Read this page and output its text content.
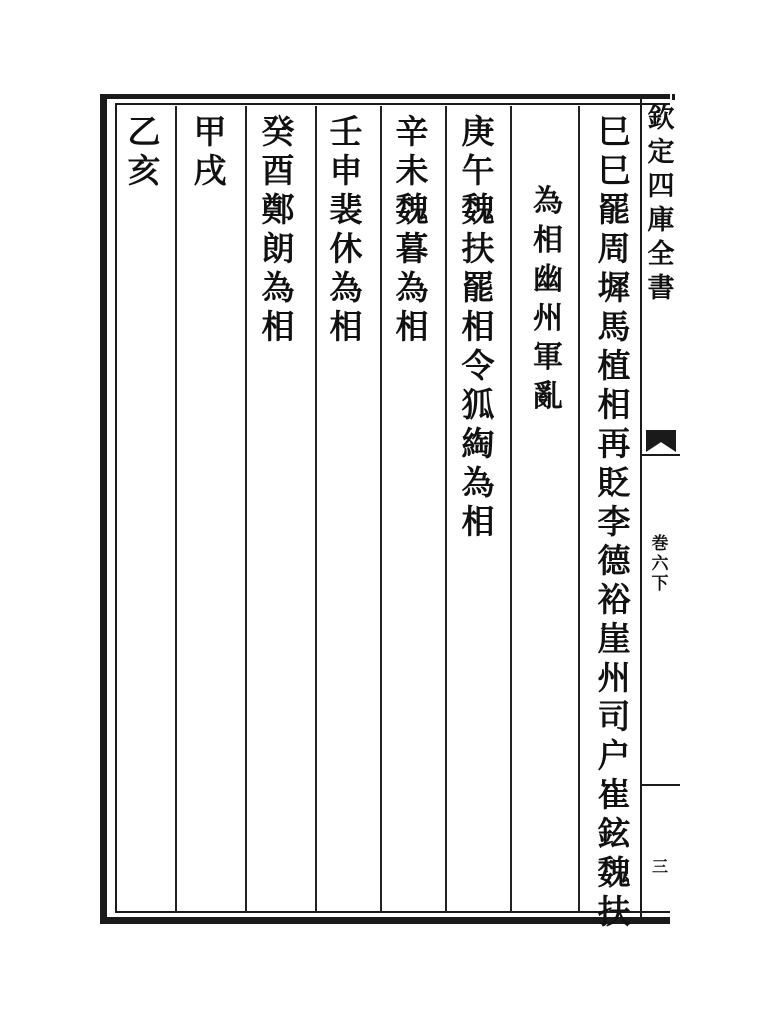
巳
巳
罷
周
墀
馬
植
相
再
貶
李
德
裕
崖
州
司
户
崔
鉉
魏
扶
為
相
幽
州
軍
亂
庚
午
魏
扶
罷
相
令
狐
綯
為
相
辛
未
魏
暮
為
相
壬
申
裴
休
為
相
癸
酉
鄭
朗
為
相
甲
戌
乙
亥
欽
定
四
庫
全
書
巻
六
下
三
